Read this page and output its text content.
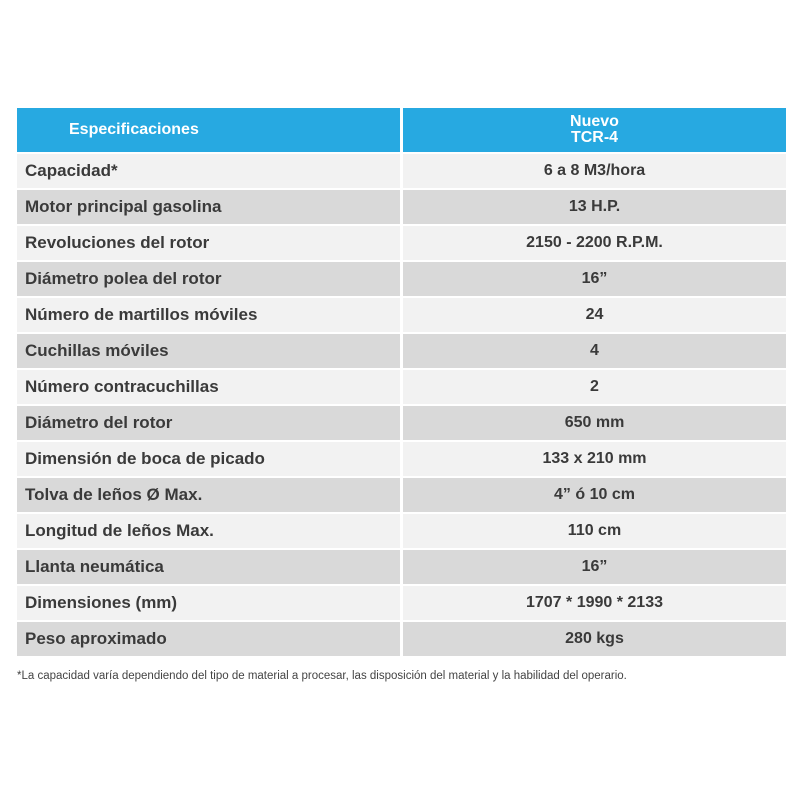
Especificaciones	Nuevo
TCR-4
Capacidad*	6 a 8 M3/hora
Motor principal gasolina	13 H.P.
Revoluciones del rotor	2150 - 2200 R.P.M.
Diámetro polea del rotor	16”
Número de martillos móviles	24
Cuchillas móviles	4
Número contracuchillas	2
Diámetro del rotor	650 mm
Dimensión de boca de picado	133 x 210 mm
Tolva de leños Ø Max.	4” ó 10 cm
Longitud de leños Max.	110 cm
Llanta neumática	16”
Dimensiones (mm)	1707 * 1990 * 2133
Peso aproximado	280 kgs
*La capacidad varía dependiendo del tipo de material a procesar, las disposición del material y la habilidad del operario.
